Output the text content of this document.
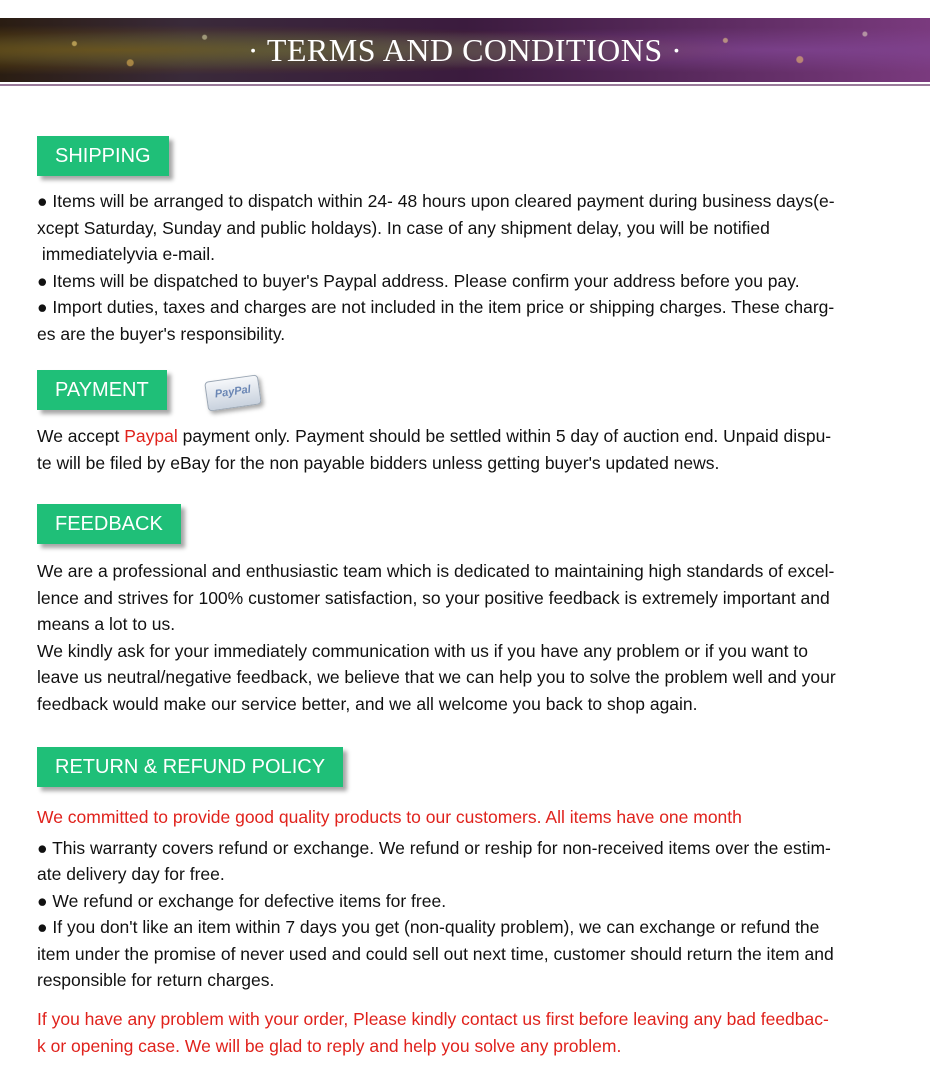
· TERMS AND CONDITIONS ·
SHIPPING

● Items will be arranged to dispatch within 24- 48 hours upon cleared payment during business days(e-

xcept Saturday, Sunday and public holdays). In case of any shipment delay, you will be notified

immediatelyvia e-mail.

● Items will be dispatched to buyer's Paypal address. Please confirm your address before you pay.

● Import duties, taxes and charges are not included in the item price or shipping charges. These charg-

es are the buyer's responsibility.

PAYMENT	PayPal

We accept Paypal payment only. Payment should be settled within 5 day of auction end. Unpaid dispu-

te will be filed by eBay for the non payable bidders unless getting buyer's updated news.

FEEDBACK

We are a professional and enthusiastic team which is dedicated to maintaining high standards of excel-

lence and strives for 100% customer satisfaction, so your positive feedback is extremely important and

means a lot to us.

We kindly ask for your immediately communication with us if you have any problem or if you want to

leave us neutral/negative feedback, we believe that we can help you to solve the problem well and your

feedback would make our service better, and we all welcome you back to shop again.

RETURN & REFUND POLICY

We committed to provide good quality products to our customers. All items have one month

● This warranty covers refund or exchange. We refund or reship for non-received items over the estim-

ate delivery day for free.

● We refund or exchange for defective items for free.

● If you don't like an item within 7 days you get (non-quality problem), we can exchange or refund the

item under the promise of never used and could sell out next time, customer should return the item and

responsible for return charges.

If you have any problem with your order, Please kindly contact us first before leaving any bad feedbac-

k or opening case. We will be glad to reply and help you solve any problem.
